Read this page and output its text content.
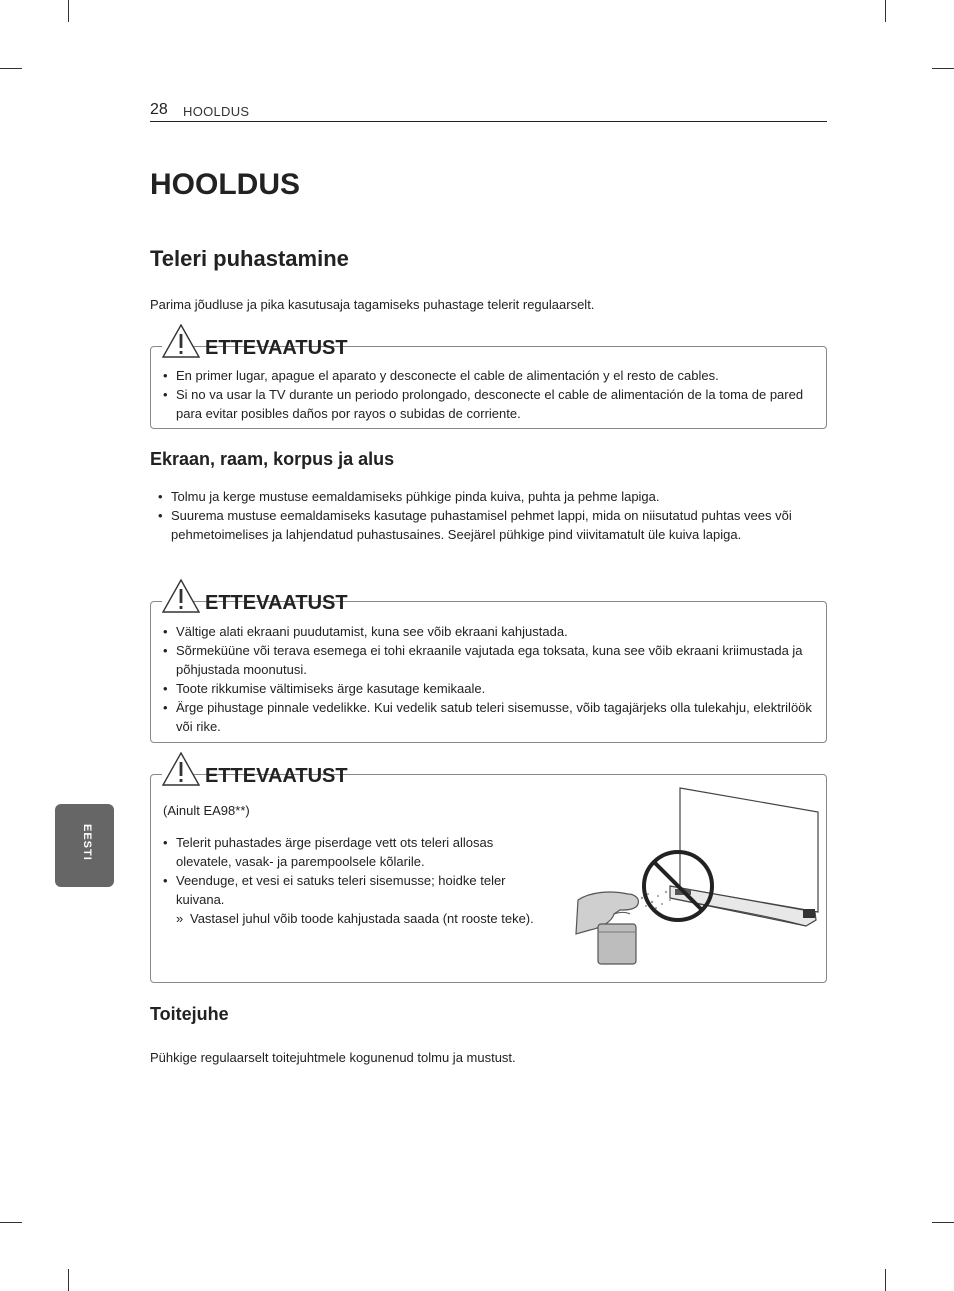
28 HOOLDUS
HOOLDUS
Teleri puhastamine

Parima jõudluse ja pika kasutusaja tagamiseks puhastage telerit regulaarselt.

ETTEVAATUST
• En primer lugar, apague el aparato y desconecte el cable de alimentación y el resto de cables.
• Si no va usar la TV durante un periodo prolongado, desconecte el cable de alimentación de la toma de pared para evitar posibles daños por rayos o subidas de corriente.
Ekraan, raam, korpus ja alus
• Tolmu ja kerge mustuse eemaldamiseks pühkige pinda kuiva, puhta ja pehme lapiga.
• Suurema mustuse eemaldamiseks kasutage puhastamisel pehmet lappi, mida on niisutatud puhtas vees või pehmetoimelises ja lahjendatud puhastusaines. Seejärel pühkige pind viivitamatult üle kuiva lapiga.
ETTEVAATUST
• Vältige alati ekraani puudutamist, kuna see võib ekraani kahjustada.
• Sõrmeküüne või terava esemega ei tohi ekraanile vajutada ega toksata, kuna see võib ekraani kriimustada ja põhjustada moonutusi.
• Toote rikkumise vältimiseks ärge kasutage kemikaale.
• Ärge pihustage pinnale vedelikke. Kui vedelik satub teleri sisemusse, võib tagajärjeks olla tulekahju, elektrilöök või rike.
ETTEVAATUST

(Ainult EA98**)

• Telerit puhastades ärge piserdage vett ots teleri allosas olevatele, vasak- ja parempoolsele kõlarile.
• Veenduge, et vesi ei satuks teleri sisemusse; hoidke teler kuivana.
» Vastasel juhul võib toode kahjustada saada (nt rooste teke).
Toitejuhe

Pühkige regulaarselt toitejuhtmele kogunenud tolmu ja mustust.

EESTI
